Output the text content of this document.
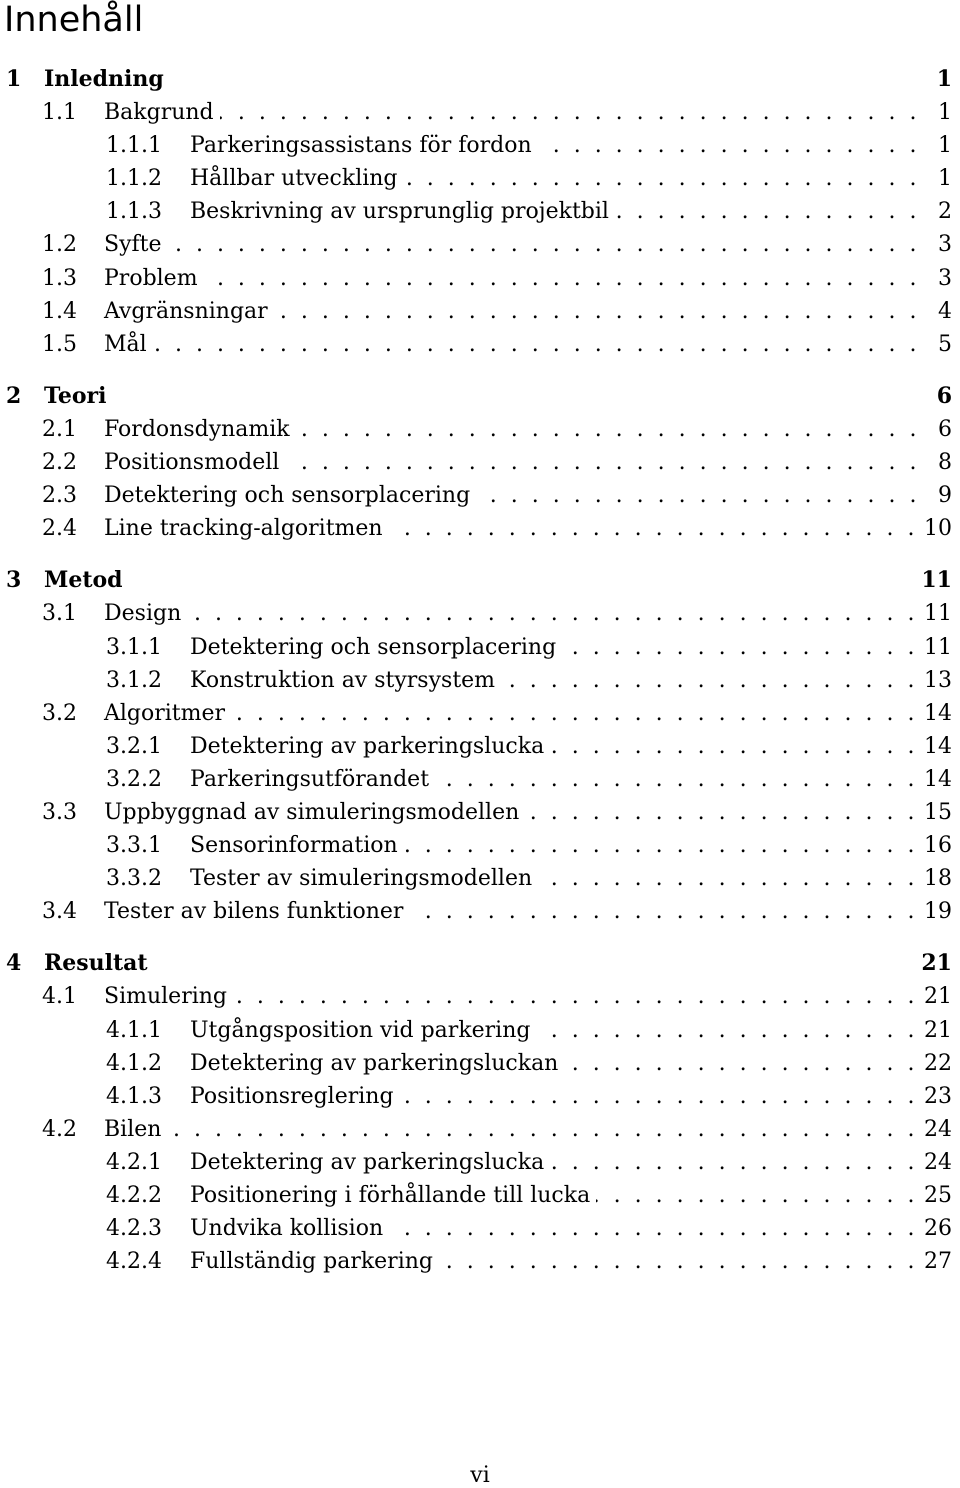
Innehåll
1	Inledning	1
1.1	Bakgrund . . .	1
1.1.1	Parkeringsassistans för fordon . . .	1
1.1.2	Hållbar utveckling . . .	1
1.1.3	Beskrivning av ursprunglig projektbil . . .	2
1.2	Syfte . . .	3
1.3	Problem . . .	3
1.4	Avgränsningar . . .	4
1.5	Mål . . .	5
2	Teori	6
2.1	Fordonsdynamik . . .	6
2.2	Positionsmodell . . .	8
2.3	Detektering och sensorplacering . . .	9
2.4	Line tracking-algoritmen . . .	10
3	Metod	11
3.1	Design . . .	11
3.1.1	Detektering och sensorplacering . . .	11
3.1.2	Konstruktion av styrsystem . . .	13
3.2	Algoritmer . . .	14
3.2.1	Detektering av parkeringslucka . . .	14
3.2.2	Parkeringsutförandet . . .	14
3.3	Uppbyggnad av simuleringsmodellen . . .	15
3.3.1	Sensorinformation . . .	16
3.3.2	Tester av simuleringsmodellen . . .	18
3.4	Tester av bilens funktioner . . .	19
4	Resultat	21
4.1	Simulering . . .	21
4.1.1	Utgångsposition vid parkering . . .	21
4.1.2	Detektering av parkeringsluckan . . .	22
4.1.3	Positionsreglering . . .	23
4.2	Bilen . . .	24
4.2.1	Detektering av parkeringslucka . . .	24
4.2.2	Positionering i förhållande till lucka . . .	25
4.2.3	Undvika kollision . . .	26
4.2.4	Fullständig parkering . . .	27
vi
